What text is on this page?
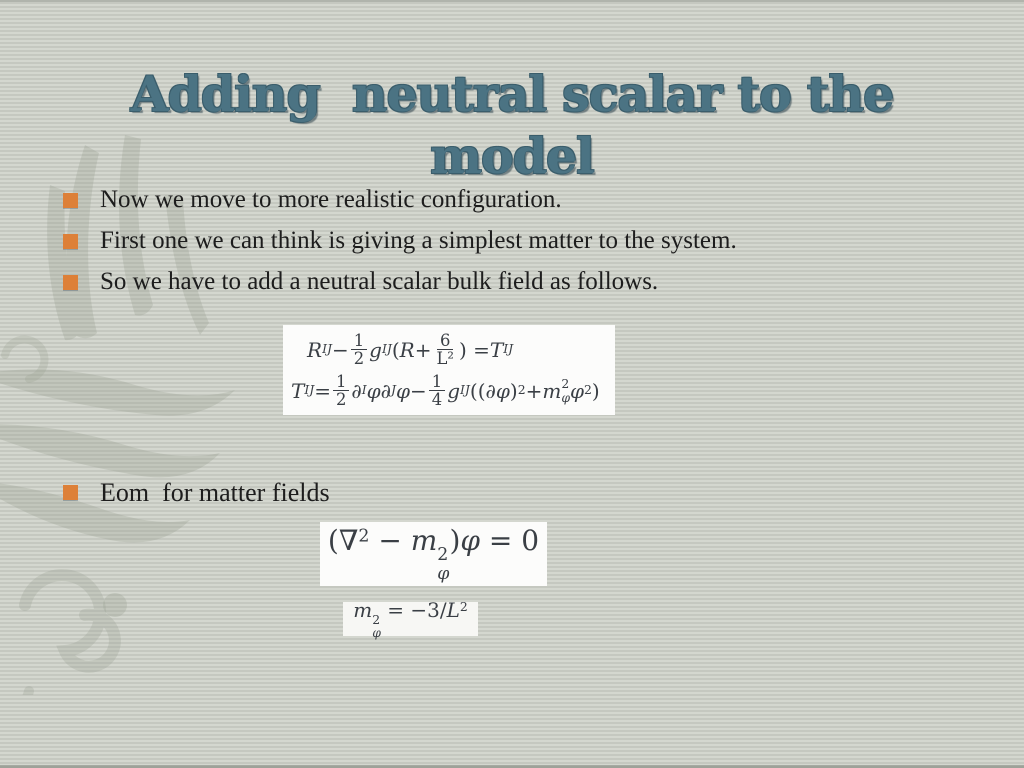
Adding  neutral scalar to the
model
Now we move to more realistic configuration.
First one we can think is giving a simplest matter to the system.
So we have to add a neutral scalar bulk field as follows.
R IJ − $\frac{1}{2}$ g IJ ( $R + \frac{6}{\text{L²}}$ ) = T IJ
T IJ = $\frac{1}{2}$ ∂ I φ∂ J $\varphi - \frac{1}{4}$ g IJ (( ∂φ ) 2 + m 2
φ φ 2 )
Eom  for matter fields
(∇$^2$ − m 2
φ
)φ = 0
m 2
φ
= $-3/L^2$
